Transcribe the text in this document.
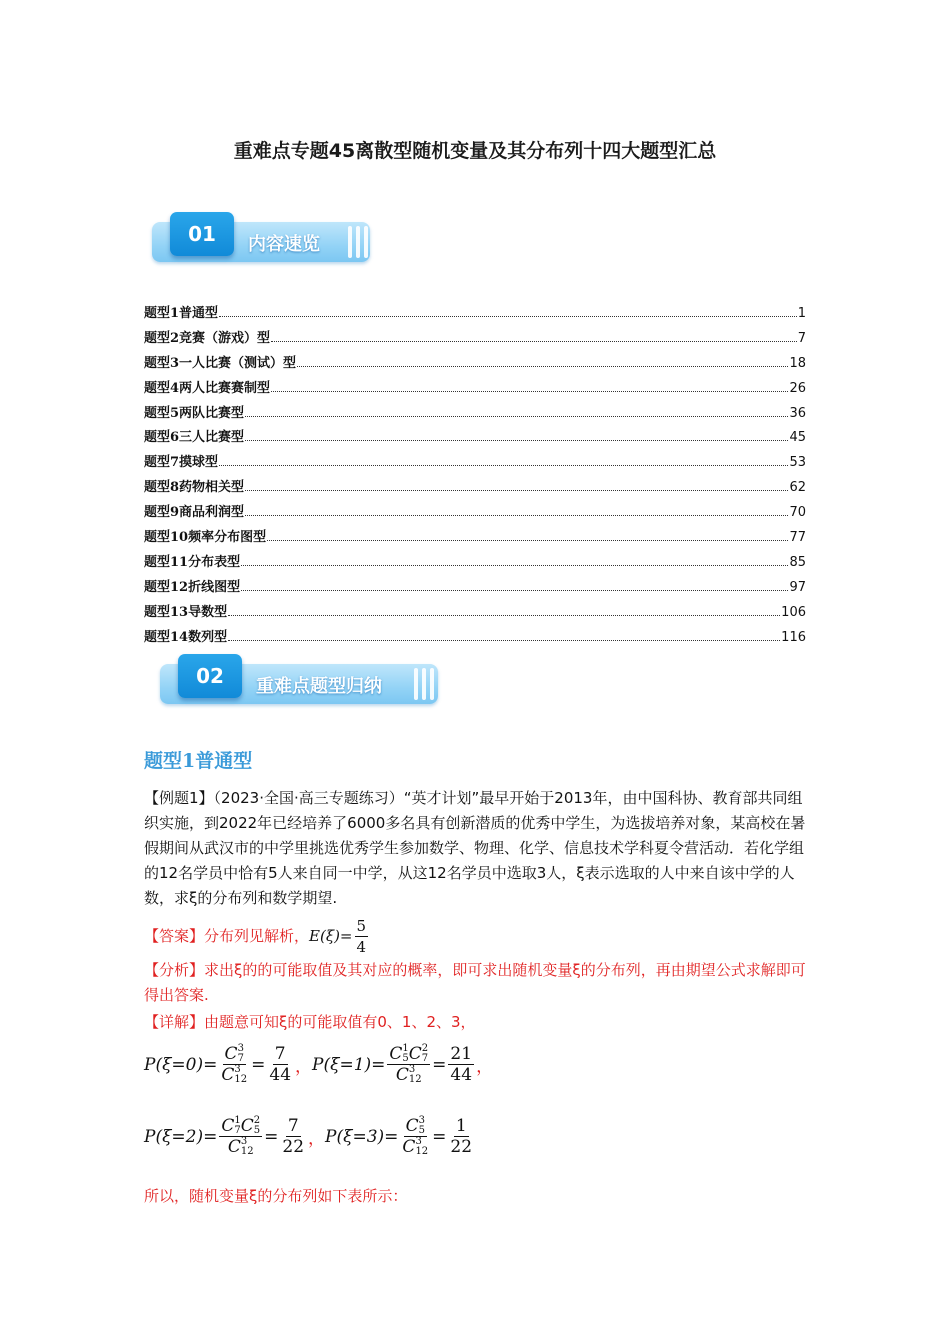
重难点专题45离散型随机变量及其分布列十四大题型汇总
01	内容速览
题型1普通型	1
题型2竞赛（游戏）型	7
题型3一人比赛（测试）型	18
题型4两人比赛赛制型	26
题型5两队比赛型	36
题型6三人比赛型	45
题型7摸球型	53
题型8药物相关型	62
题型9商品利润型	70
题型10频率分布图型	77
题型11分布表型	85
题型12折线图型	97
题型13导数型	106
题型14数列型	116
02	重难点题型归纳
题型1普通型
【例题1】（2023·全国·高三专题练习）“英才计划”最早开始于2013年，由中国科协、教育部共同组织实施，到2022年已经培养了6000多名具有创新潜质的优秀中学生，为选拔培养对象，某高校在暑假期间从武汉市的中学里挑选优秀学生参加数学、物理、化学、信息技术学科夏令营活动．若化学组的12名学员中恰有5人来自同一中学，从这12名学员中选取3人，ξ表示选取的人中来自该中学的人数，求ξ的分布列和数学期望.
【答案】分布列见解析， $E(\xi)= \frac{5}{4}$
【分析】求出ξ的的可能取值及其对应的概率，即可求出随机变量ξ的分布列，再由期望公式求解即可得出答案.
【详解】由题意可知ξ的可能取值有0、1、2、3，
P(ξ=0)= C 3
7
C 3
$12 = \frac{7}{44}$ ， P(ξ=1)= C 1
5 C 2
7
C 3
$12 = \frac{21}{44}$ ，
P(ξ=2)= C 1
7 C 2
5
C 3
$12 = \frac{7}{22}$ ， P(ξ=3)= C 3
5
C 3
$12 = \frac{1}{22}$
所以，随机变量ξ的分布列如下表所示：
